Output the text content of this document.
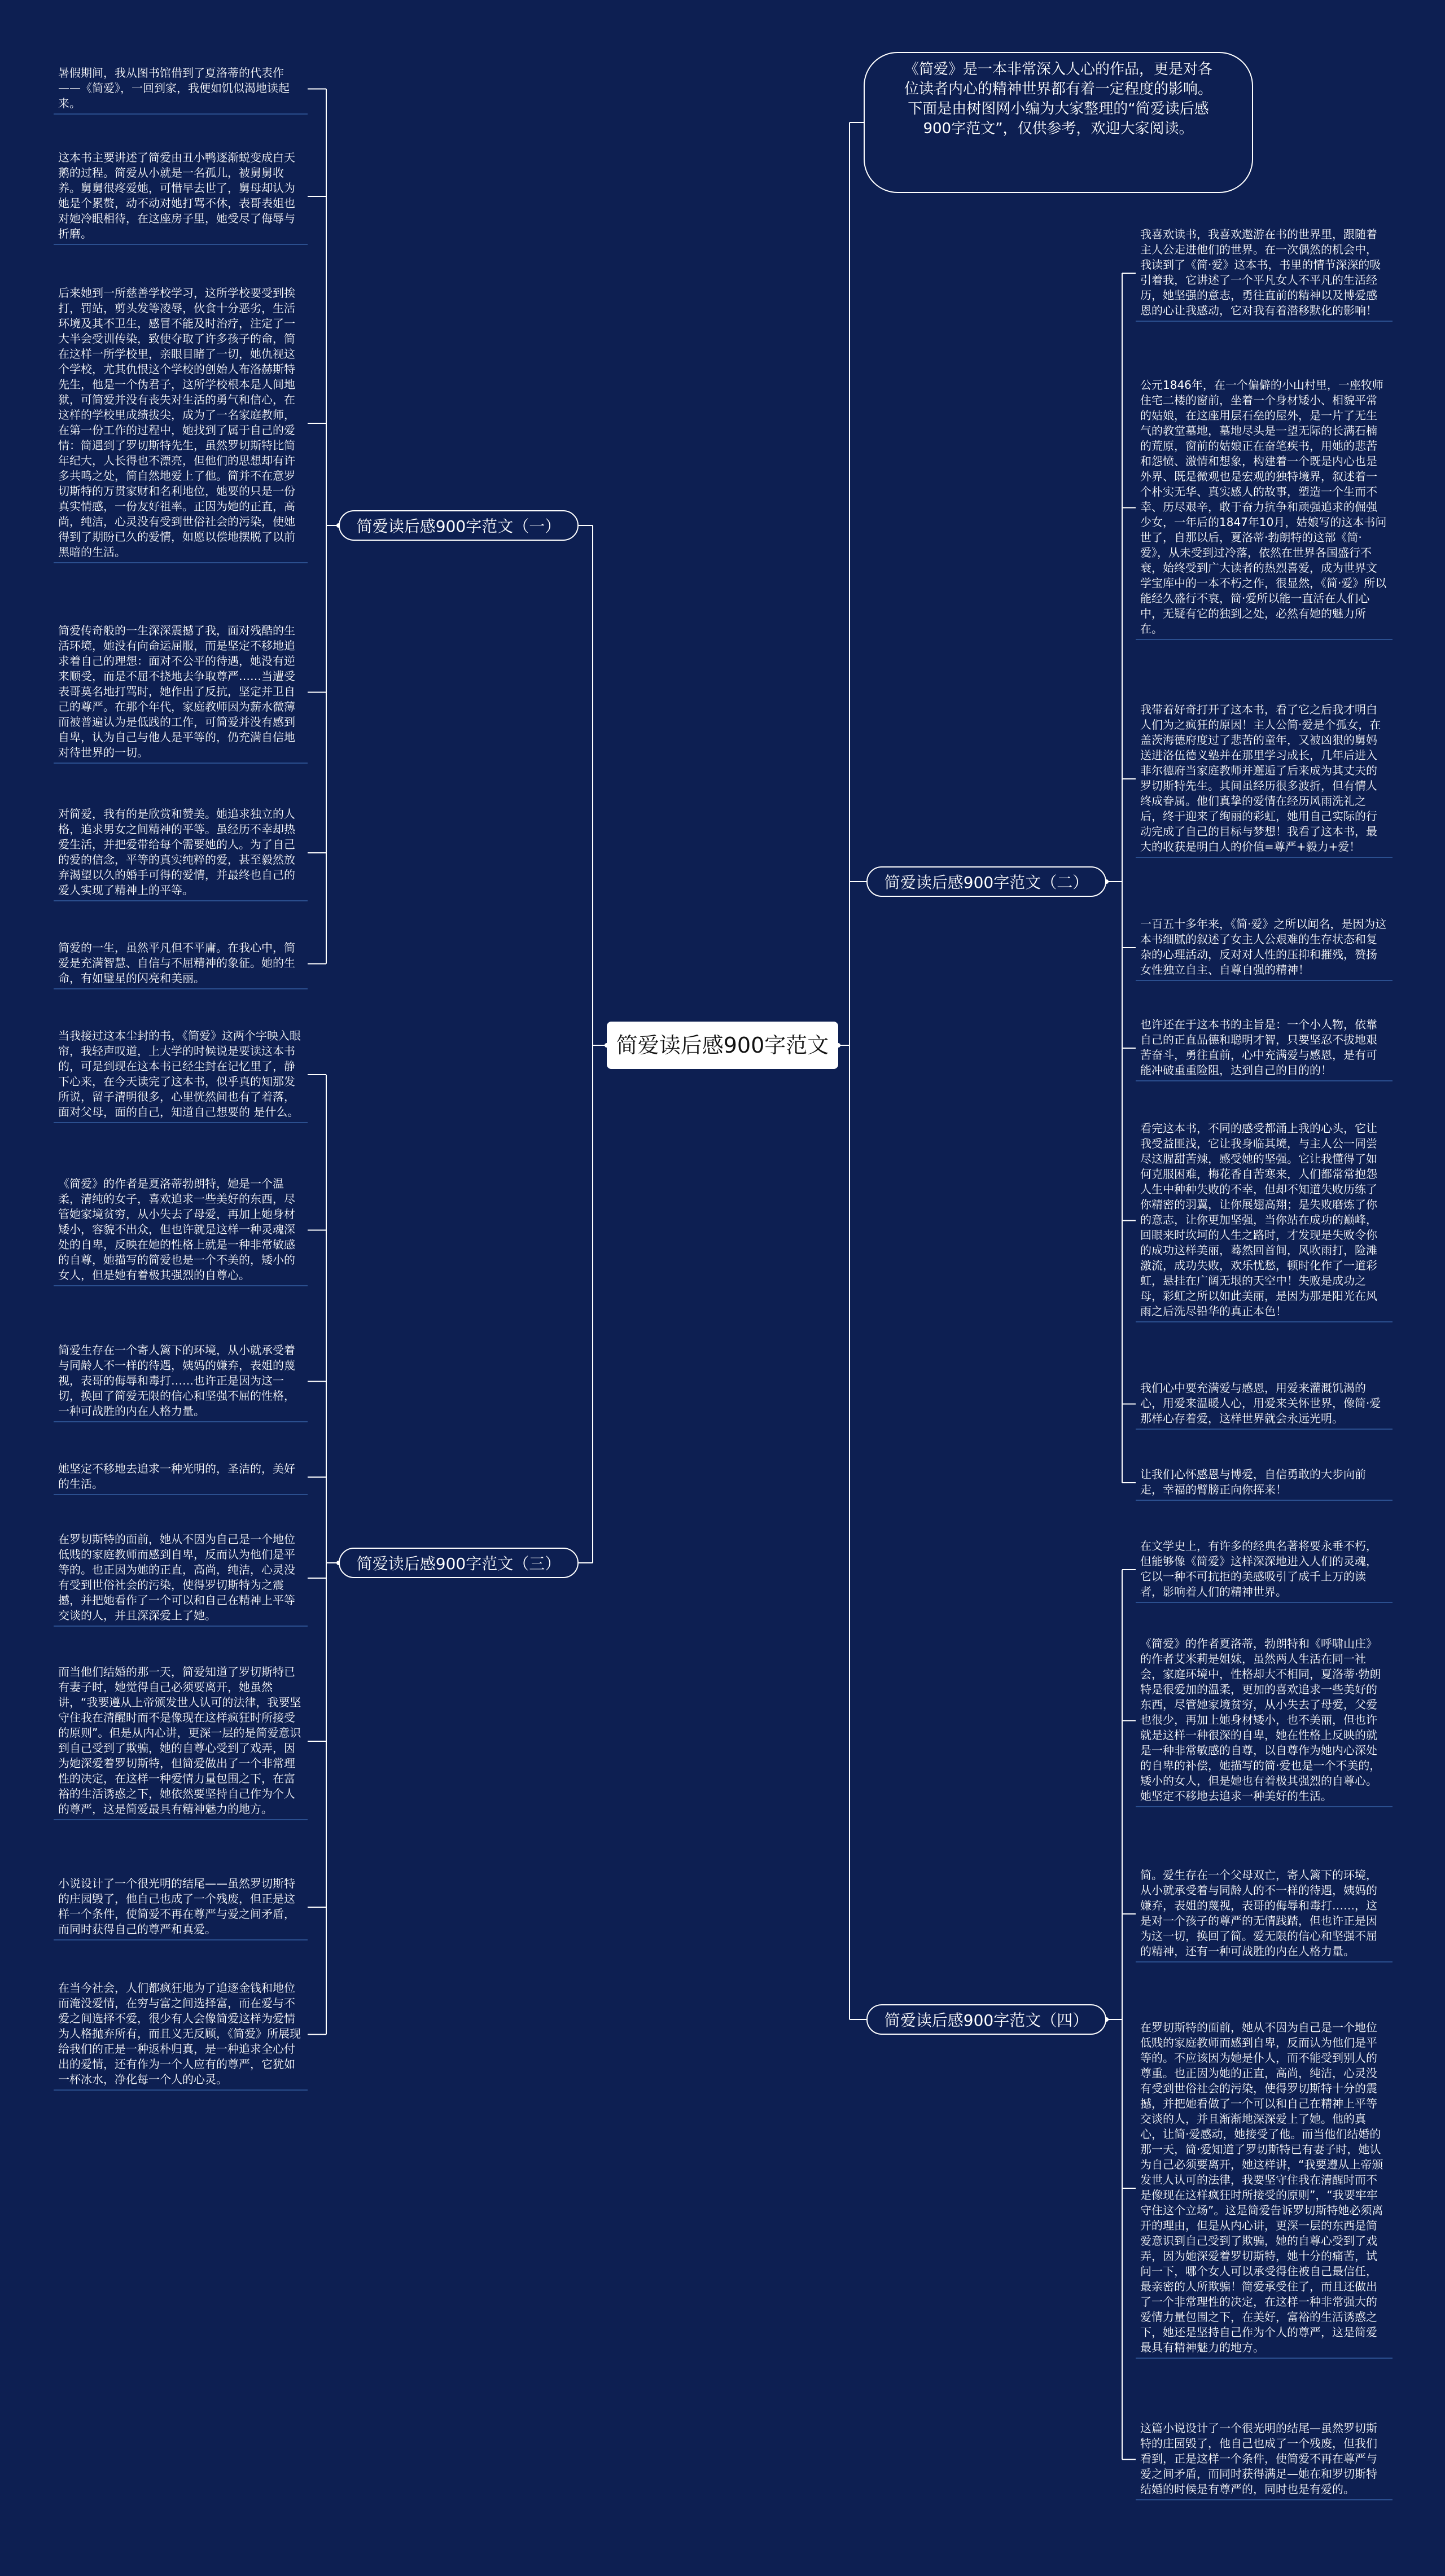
《简爱》是一本非常深入人心的作品，更是对各位读者内心的精神世界都有着一定程度的影响。下面是由树图网小编为大家整理的“简爱读后感900字范文”，仅供参考，欢迎大家阅读。
简爱读后感900字范文
简爱读后感900字范文（一）
简爱读后感900字范文（二）
简爱读后感900字范文（三）
简爱读后感900字范文（四）
暑假期间，我从图书馆借到了夏洛蒂的代表作——《简爱》，一回到家，我便如饥似渴地读起来。
这本书主要讲述了简爱由丑小鸭逐渐蜕变成白天鹅的过程。简爱从小就是一名孤儿，被舅舅收养。舅舅很疼爱她，可惜早去世了，舅母却认为她是个累赘，动不动对她打骂不休，表哥表姐也对她冷眼相待，在这座房子里，她受尽了侮辱与折磨。
后来她到一所慈善学校学习，这所学校要受到挨打，罚站，剪头发等凌辱，伙食十分恶劣，生活环境及其不卫生，感冒不能及时治疗，注定了一大半会受训传染，致使夺取了许多孩子的命，简在这样一所学校里，亲眼目睹了一切，她仇视这个学校，尤其仇恨这个学校的创始人布洛赫斯特先生，他是一个伪君子，这所学校根本是人间地狱，可简爱并没有丧失对生活的勇气和信心，在这样的学校里成绩拔尖，成为了一名家庭教师，在第一份工作的过程中，她找到了属于自己的爱情：简遇到了罗切斯特先生，虽然罗切斯特比简年纪大，人长得也不漂亮，但他们的思想却有许多共鸣之处，简自然地爱上了他。简并不在意罗切斯特的万贯家财和名利地位，她要的只是一份真实情感，一份友好祖率。正因为她的正直，高尚，纯洁，心灵没有受到世俗社会的污染，使她得到了期盼已久的爱情，如愿以偿地摆脱了以前黑暗的生活。
简爱传奇般的一生深深震撼了我，面对残酷的生活环境，她没有向命运屈服，而是坚定不移地追求着自己的理想：面对不公平的待遇，她没有逆来顺受，而是不屈不挠地去争取尊严……当遭受表哥莫名地打骂时，她作出了反抗，坚定并卫自己的尊严。在那个年代，家庭教师因为薪水微薄而被普遍认为是低践的工作，可简爱并没有感到自卑，认为自己与他人是平等的，仍充满自信地对待世界的一切。
对简爱，我有的是欣赏和赞美。她追求独立的人格，追求男女之间精神的平等。虽经历不幸却热爱生活，并把爱带给每个需要她的人。为了自己的爱的信念，平等的真实纯粹的爱，甚至毅然放弃渴望以久的婚手可得的爱情，并最终也自己的爱人实现了精神上的平等。
简爱的一生，虽然平凡但不平庸。在我心中，简爱是充满智慧、自信与不屈精神的象征。她的生命，有如璧星的闪亮和美丽。
当我接过这本尘封的书，《简爱》这两个字映入眼帘，我轻声叹道，上大学的时候说是要读这本书的，可是到现在这本书已经尘封在记忆里了，静下心来，在今天读完了这本书，似乎真的知那发所说，留子清明很多，心里恍然间也有了着落，面对父母，面的自己，知道自己想要的 是什么。
《简爱》的作者是夏洛蒂勃朗特，她是一个温柔，清纯的女子，喜欢追求一些美好的东西，尽管她家境贫穷，从小失去了母爱，再加上她身材矮小，容貌不出众，但也许就是这样一种灵魂深处的自卑，反映在她的性格上就是一种非常敏感的自尊，她描写的简爱也是一个不美的，矮小的女人，但是她有着极其强烈的自尊心。
简爱生存在一个寄人篱下的环境，从小就承受着与同龄人不一样的待遇，姨妈的嫌弃，表姐的蔑视，表哥的侮辱和毒打……也许正是因为这一切，换回了简爱无限的信心和坚强不屈的性格，一种可战胜的内在人格力量。
她坚定不移地去追求一种光明的，圣洁的，美好的生活。
在罗切斯特的面前，她从不因为自己是一个地位低贱的家庭教师而感到自卑，反而认为他们是平等的。也正因为她的正直，高尚，纯洁，心灵没有受到世俗社会的污染，使得罗切斯特为之震撼，并把她看作了一个可以和自己在精神上平等交谈的人，并且深深爱上了她。
而当他们结婚的那一天，简爱知道了罗切斯特已有妻子时，她觉得自己必须要离开，她虽然讲，“我要遵从上帝颁发世人认可的法律，我要坚守住我在清醒时而不是像现在这样疯狂时所接受的原则”。但是从内心讲，更深一层的是简爱意识到自己受到了欺骗，她的自尊心受到了戏弄，因为她深爱着罗切斯特，但简爱做出了一个非常理性的决定，在这样一种爱情力量包围之下，在富裕的生活诱惑之下，她依然要坚持自己作为个人的尊严，这是简爱最具有精神魅力的地方。
小说设计了一个很光明的结尾——虽然罗切斯特的庄园毁了，他自己也成了一个残废，但正是这样一个条件，使简爱不再在尊严与爱之间矛盾，而同时获得自己的尊严和真爱。
在当今社会，人们都疯狂地为了追逐金钱和地位而淹没爱情，在穷与富之间选择富，而在爱与不爱之间选择不爱，很少有人会像简爱这样为爱情为人格抛弃所有，而且义无反顾，《简爱》所展现给我们的正是一种返朴归真，是一种追求全心付出的爱情，还有作为一个人应有的尊严，它犹如一杯冰水，净化每一个人的心灵。
我喜欢读书，我喜欢遨游在书的世界里，跟随着主人公走进他们的世界。在一次偶然的机会中，我读到了《简·爱》这本书，书里的情节深深的吸引着我，它讲述了一个平凡女人不平凡的生活经历，她坚强的意志，勇往直前的精神以及博爱感恩的心让我感动，它对我有着潜移默化的影响！
公元1846年，在一个偏僻的小山村里，一座牧师住宅二楼的窗前，坐着一个身材矮小、相貌平常的姑娘，在这座用层石垒的屋外，是一片了无生气的教堂墓地，墓地尽头是一望无际的长满石楠的荒原，窗前的姑娘正在奋笔疾书，用她的悲苦和怨愤、激情和想象，构建着一个既是内心也是外界、既是微观也是宏观的独特境界，叙述着一个朴实无华、真实感人的故事，塑造一个生而不幸、历尽艰辛，敢于奋力抗争和顽强追求的倔强少女，一年后的1847年10月，姑娘写的这本书问世了，自那以后，夏洛蒂·勃朗特的这部《简·爱》，从未受到过冷落，依然在世界各国盛行不衰，始终受到广大读者的热烈喜爱，成为世界文学宝库中的一本不朽之作，很显然，《简·爱》所以能经久盛行不衰，简·爱所以能一直活在人们心中，无疑有它的独到之处，必然有她的魅力所在。
我带着好奇打开了这本书，看了它之后我才明白人们为之疯狂的原因！主人公简·爱是个孤女，在盖茨海德府度过了悲苦的童年，又被凶狠的舅妈送进洛伍德义塾并在那里学习成长，几年后进入菲尔德府当家庭教师并邂逅了后来成为其丈夫的罗切斯特先生。其间虽经历很多波折，但有情人终成眷属。他们真挚的爱情在经历风雨洗礼之后，终于迎来了绚丽的彩虹，她用自己实际的行动完成了自己的目标与梦想！我看了这本书，最大的收获是明白人的价值=尊严+毅力+爱！
一百五十多年来，《简·爱》之所以闻名，是因为这本书细腻的叙述了女主人公艰难的生存状态和复杂的心理活动，反对对人性的压抑和摧残，赞扬女性独立自主、自尊自强的精神！
也许还在于这本书的主旨是：一个小人物，依靠自己的正直品德和聪明才智，只要坚忍不拔地艰苦奋斗，勇往直前，心中充满爱与感恩，是有可能冲破重重险阻，达到自己的目的的！
看完这本书，不同的感受都涌上我的心头，它让我受益匪浅，它让我身临其境，与主人公一同尝尽这腥甜苦辣，感受她的坚强。它让我懂得了如何克服困难，梅花香自苦寒来，人们都常常抱怨人生中种种失败的不幸，但却不知道失败历练了你精密的羽翼，让你展翅高翔；是失败磨炼了你的意志，让你更加坚强，当你站在成功的巅峰，回眼来时坎坷的人生之路时，才发现是失败令你的成功这样美丽，蓦然回首间，风吹雨打，险滩激流，成功失败，欢乐忧愁，顿时化作了一道彩虹，悬挂在广阔无垠的天空中！失败是成功之母，彩虹之所以如此美丽，是因为那是阳光在风雨之后洗尽铅华的真正本色！
我们心中要充满爱与感恩，用爱来灌溉饥渴的心，用爱来温暖人心，用爱来关怀世界，像简·爱那样心存着爱，这样世界就会永远光明。
让我们心怀感恩与博爱，自信勇敢的大步向前走，幸福的臂膀正向你挥来！
在文学史上，有许多的经典名著将要永垂不朽，但能够像《简爱》这样深深地进入人们的灵魂，它以一种不可抗拒的美感吸引了成千上万的读者，影响着人们的精神世界。
《简爱》的作者夏洛蒂，勃朗特和《呼啸山庄》的作者艾米莉是姐妹，虽然两人生活在同一社会，家庭环境中，性格却大不相同，夏洛蒂·勃朗特是很爱加的温柔，更加的喜欢追求一些美好的东西，尽管她家境贫穷，从小失去了母爱，父爱也很少，再加上她身材矮小，也不美丽，但也许就是这样一种很深的自卑，她在性格上反映的就是一种非常敏感的自尊，以自尊作为她内心深处的自卑的补偿，她描写的简·爱也是一个不美的，矮小的女人，但是她也有着极其强烈的自尊心。她坚定不移地去追求一种美好的生活。
简。爱生存在一个父母双亡，寄人篱下的环境，从小就承受着与同龄人的不一样的待遇，姨妈的嫌弃，表姐的蔑视，表哥的侮辱和毒打……，这是对一个孩子的尊严的无情践踏，但也许正是因为这一切，换回了简。爱无限的信心和坚强不屈的精神，还有一种可战胜的内在人格力量。
在罗切斯特的面前，她从不因为自己是一个地位低贱的家庭教师而感到自卑，反而认为他们是平等的。不应该因为她是仆人，而不能受到别人的尊重。也正因为她的正直，高尚，纯洁，心灵没有受到世俗社会的污染，使得罗切斯特十分的震撼，并把她看做了一个可以和自己在精神上平等交谈的人，并且渐渐地深深爱上了她。他的真心，让简·爱感动，她接受了他。而当他们结婚的那一天，简·爱知道了罗切斯特已有妻子时，她认为自己必须要离开，她这样讲，“我要遵从上帝颁发世人认可的法律，我要坚守住我在清醒时而不是像现在这样疯狂时所接受的原则”，“我要牢牢守住这个立场”。这是简爱告诉罗切斯特她必须离开的理由，但是从内心讲，更深一层的东西是简爱意识到自己受到了欺骗，她的自尊心受到了戏弄，因为她深爱着罗切斯特，她十分的痛苦，试问一下，哪个女人可以承受得住被自己最信任，最亲密的人所欺骗！简爱承受住了，而且还做出了一个非常理性的决定，在这样一种非常强大的爱情力量包围之下，在美好，富裕的生活诱惑之下，她还是坚持自己作为个人的尊严，这是简爱最具有精神魅力的地方。
这篇小说设计了一个很光明的结尾—虽然罗切斯特的庄园毁了，他自己也成了一个残废，但我们看到，正是这样一个条件，使简爱不再在尊严与爱之间矛盾，而同时获得满足—她在和罗切斯特结婚的时候是有尊严的，同时也是有爱的。
